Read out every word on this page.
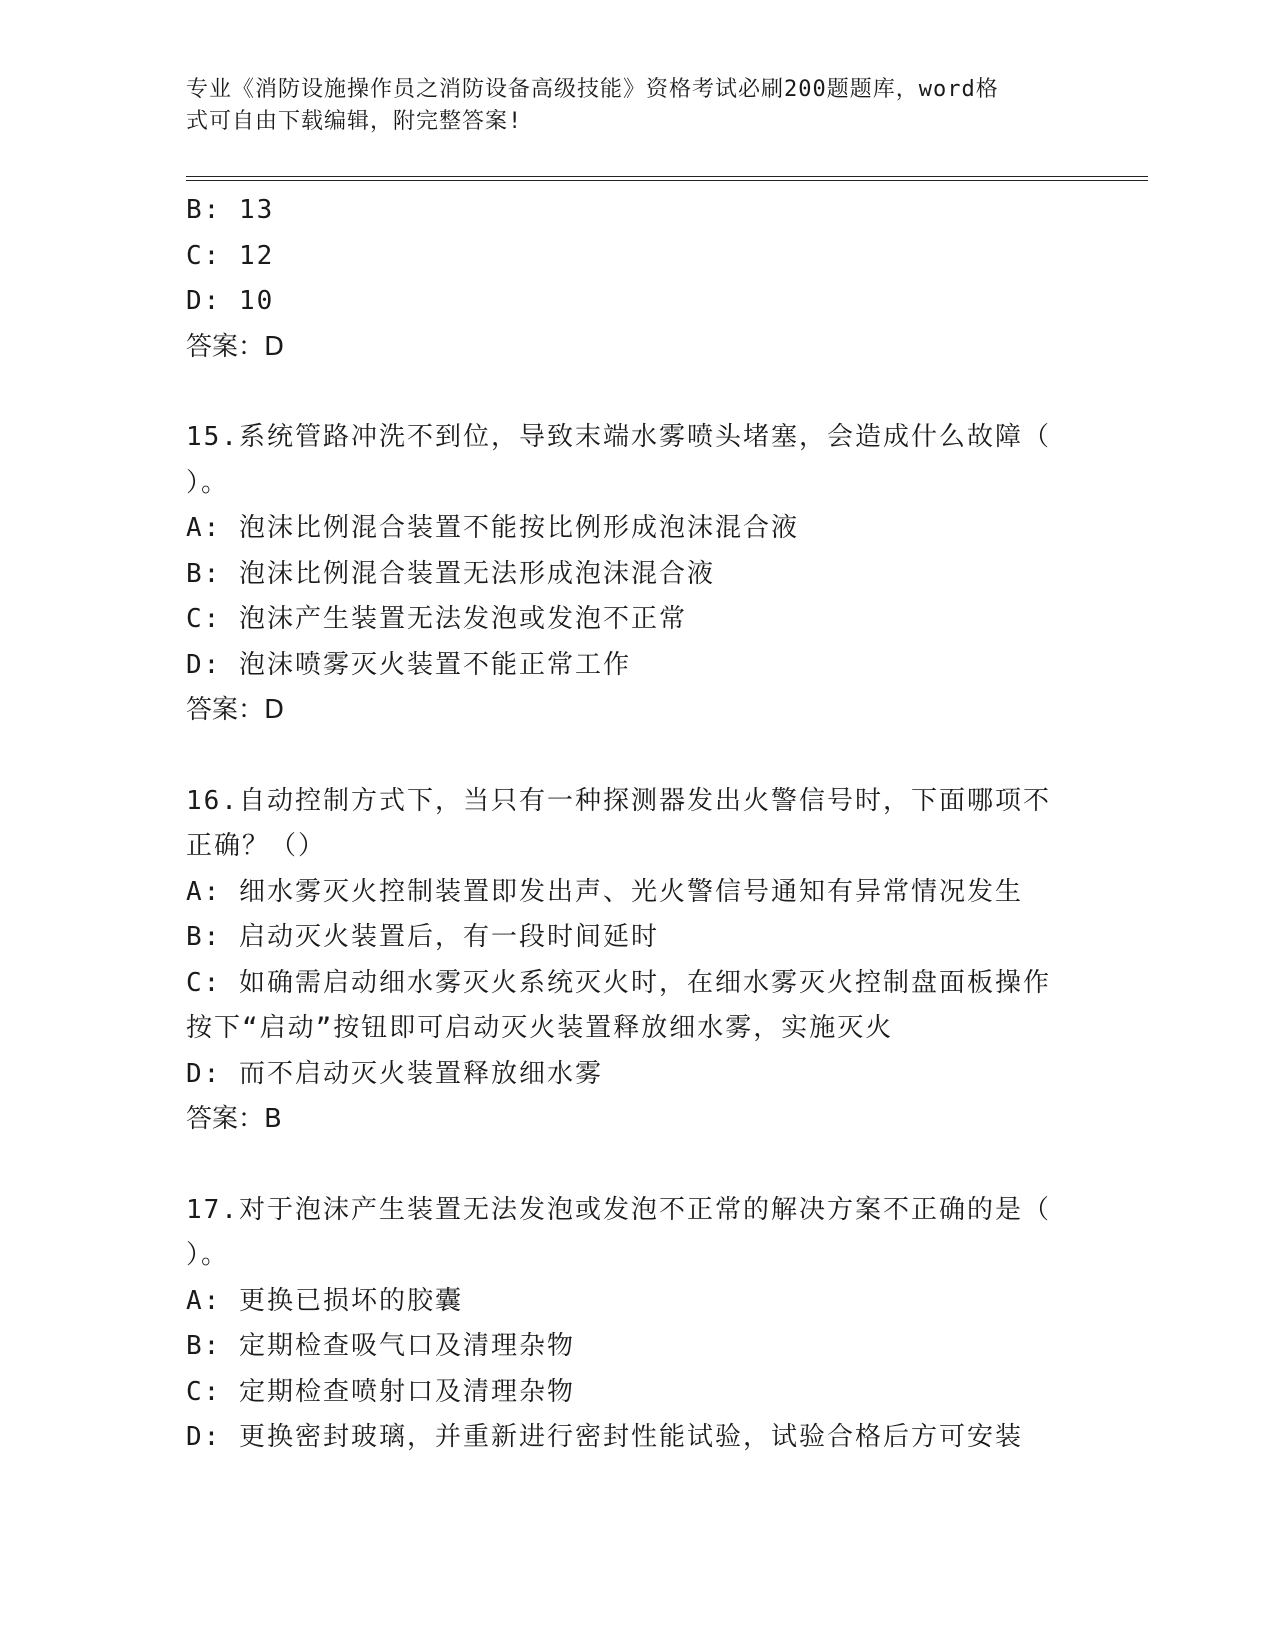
专业《消防设施操作员之消防设备高级技能》资格考试必刷200题题库，word格
式可自由下载编辑，附完整答案!
B: 13
C: 12
D: 10
答案：D
15.系统管路冲洗不到位，导致末端水雾喷头堵塞，会造成什么故障（
）。
A: 泡沫比例混合装置不能按比例形成泡沫混合液
B: 泡沫比例混合装置无法形成泡沫混合液
C: 泡沫产生装置无法发泡或发泡不正常
D: 泡沫喷雾灭火装置不能正常工作
答案：D
16.自动控制方式下，当只有一种探测器发出火警信号时，下面哪项不
正确？（）
A: 细水雾灭火控制装置即发出声、光火警信号通知有异常情况发生
B: 启动灭火装置后，有一段时间延时
C: 如确需启动细水雾灭火系统灭火时，在细水雾灭火控制盘面板操作
按下“启动”按钮即可启动灭火装置释放细水雾，实施灭火
D: 而不启动灭火装置释放细水雾
答案：B
17.对于泡沫产生装置无法发泡或发泡不正常的解决方案不正确的是（
）。
A: 更换已损坏的胶囊
B: 定期检查吸气口及清理杂物
C: 定期检查喷射口及清理杂物
D: 更换密封玻璃，并重新进行密封性能试验，试验合格后方可安装
